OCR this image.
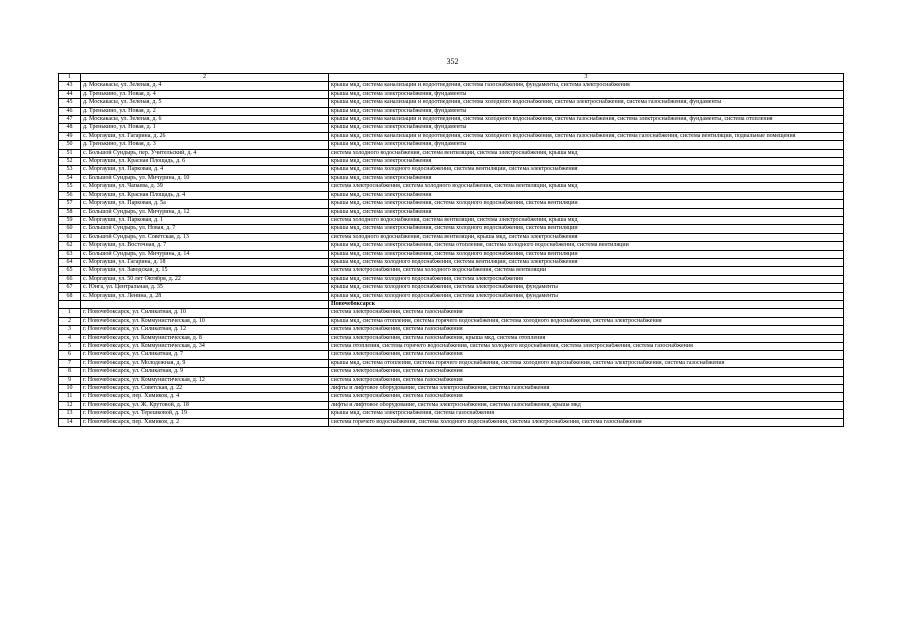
352
1	2	3
43	д. Москакасы, ул. Зеленая, д. 4	крыша мкд, система канализации и водоотведения, система газоснабжения, фундаменты, система электроснабжения
44	д. Тренькино, ул. Новая, д. 4	крыша мкд, система электроснабжения, фундаменты
45	д. Москакасы, ул. Зеленая, д. 5	крыша мкд, система канализации и водоотведения, система холодного водоснабжения, система электроснабжения, система газоснабжения, фундаменты
46	д. Тренькино, ул. Новая, д. 2	крыша мкд, система электроснабжения, фундаменты
47	д. Москакасы, ул. Зеленая, д. 6	крыша мкд, система канализации и водоотведения, система холодного водоснабжения, система газоснабжения, система электроснабжения, фундаменты, система отопления
48	д. Тренькино, ул. Новая, д. 1	крыша мкд, система электроснабжения, фундаменты
49	с. Моргауши, ул. Гагарина, д. 26	крыша мкд, система канализации и водоотведения, система холодного водоснабжения, система газоснабжения, система газоснабжения, система вентиляции, подвальные помещения
50	д. Тренькино, ул. Новая, д. 3	крыша мкд, система электроснабжения, фундаменты
51	с. Большой Сундырь, пер. Учительский, д. 4	система холодного водоснабжения, система вентиляции, система электроснабжения, крыша мкд
52	с. Моргауши, ул. Красная Площадь, д. 6	крыша мкд, система электроснабжения
53	с. Моргауши, ул. Парковая, д. 4	крыша мкд, система холодного водоснабжения, система вентиляции, система электроснабжения
54	с. Большой Сундырь, ул. Мичурина, д. 10	крыша мкд, система электроснабжения
55	с. Моргауши, ул. Чапаева, д. 39	система электроснабжения, система холодного водоснабжения, система вентиляции, крыша мкд
56	с. Моргауши, ул. Красная Площадь, д. 4	крыша мкд, система электроснабжения
57	с. Моргауши, ул. Парковая, д. 5а	крыша мкд, система электроснабжения, система холодного водоснабжения, система вентиляции
58	с. Большой Сундырь, ул. Мичурина, д. 12	крыша мкд, система электроснабжения
59	с. Моргауши, ул. Парковая, д. 1	система холодного водоснабжения, система вентиляции, система электроснабжения, крыша мкд
60	с. Большой Сундырь, ул. Новая, д. 7	крыша мкд, система электроснабжения, система холодного водоснабжения, система вентиляции
61	с. Большой Сундырь, ул. Советская, д. 13	система холодного водоснабжения, система вентиляции, крыша мкд, система электроснабжения
62	с. Моргауши, ул. Восточная, д. 7	крыша мкд, система электроснабжения, система отопления, система холодного водоснабжения, система вентиляции
63	с. Большой Сундырь, ул. Мичурина, д. 14	крыша мкд, система электроснабжения, система холодного водоснабжения, система вентиляции
64	с. Моргауши, ул. Гагарина, д. 18	крыша мкд, система холодного водоснабжения, система вентиляции, система электроснабжения
65	с. Моргауши, ул. Заводская, д. 15	система электроснабжения, система холодного водоснабжения, система вентиляции
66	с. Моргауши, ул. 50 лет Октября, д. 22	крыша мкд, система холодного водоснабжения, система электроснабжения
67	с. Юнга, ул. Центральная, д. 35	крыша мкд, система холодного водоснабжения, система электроснабжения, фундаменты
68	с. Моргауши, ул. Ленина, д. 28	крыша мкд, система холодного водоснабжения, система электроснабжения, фундаменты
		Новочебоксарск
1	г. Новочебоксарск, ул. Силикатная, д. 10	система электроснабжения, система газоснабжения
2	г. Новочебоксарск, ул. Коммунистическая, д. 10	крыша мкд, система отопления, система горячего водоснабжения, система холодного водоснабжения, система электроснабжения
3	г. Новочебоксарск, ул. Силикатная, д. 12	система электроснабжения, система газоснабжения
4	г. Новочебоксарск, ул. Коммунистическая, д. 8	система электроснабжения, система газоснабжения, крыша мкд, система отопления
5	г. Новочебоксарск, ул. Коммунистическая, д. 34	система отопления, система горячего водоснабжения, система холодного водоснабжения, система электроснабжения, система газоснабжения
6	г. Новочебоксарск, ул. Силикатная, д. 7	система электроснабжения, система газоснабжения
7	г. Новочебоксарск, ул. Молодежная, д. 9	крыша мкд, система отопления, система горячего водоснабжения, система холодного водоснабжения, система электроснабжения, система газоснабжения
8	г. Новочебоксарск, ул. Силикатная, д. 9	система электроснабжения, система газоснабжения
9	г. Новочебоксарск, ул. Коммунистическая, д. 12	система электроснабжения, система газоснабжения
10	г. Новочебоксарск, ул. Советская, д. 22	лифты и лифтовое оборудование, система электроснабжения, система газоснабжения
11	г. Новочебоксарск, пер. Химиков, д. 4	система электроснабжения, система газоснабжения
12	г. Новочебоксарск, ул. Ж. Крутовой, д. 18	лифты и лифтовое оборудование, система электроснабжения, система газоснабжения, крыша мкд
13	г. Новочебоксарск, ул. Терешковой, д. 19	крыша мкд, система электроснабжения, система газоснабжения
14	г. Новочебоксарск, пер. Химиков, д. 2	система горячего водоснабжения, система холодного водоснабжения, система электроснабжения, система газоснабжения
